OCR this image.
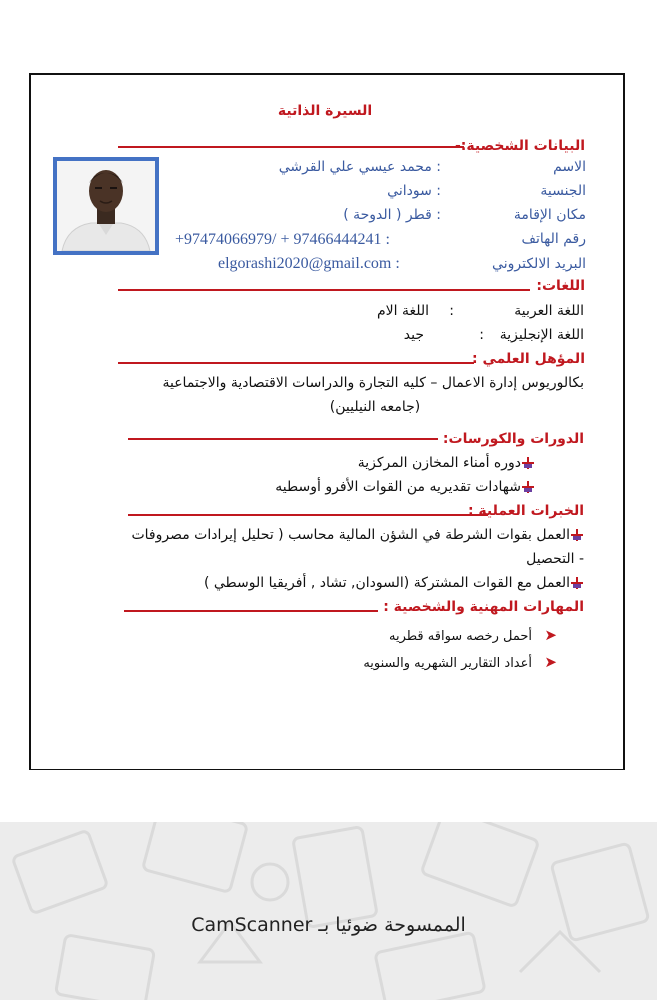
السيرة الذاتية
البيانات الشخصية:-
الاسم
: محمد عيسي علي القرشي
الجنسية
: سوداني
مكان الإقامة
: قطر ( الدوحة )
رقم الهاتف
+97474066979/ + 97466444241 :
البريد الالكتروني
elgorashi2020@gmail.com :
اللغات:
اللغة العربية
:
اللغة الام
اللغة الإنجليزية
:
جيد
المؤهل العلمي :
بكالوريوس إدارة الاعمال – كليه التجارة والدراسات الاقتصادية والاجتماعية
(جامعه النيليين)
الدورات والكورسات:
دوره أمناء المخازن المركزية
شهادات تقديريه من القوات الأفرو أوسطيه
الخبرات العملية :
العمل بقوات الشرطة في الشؤن المالية محاسب ( تحليل إيرادات مصروفات
- التحصيل
العمل مع القوات المشتركة (السودان, تشاد , أفريقيا الوسطي )
المهارات المهنية والشخصية :
➤   أحمل رخصه سواقه قطريه
➤   أعداد التقارير الشهريه والسنويه
الممسوحة ضوئيا بـ CamScanner
